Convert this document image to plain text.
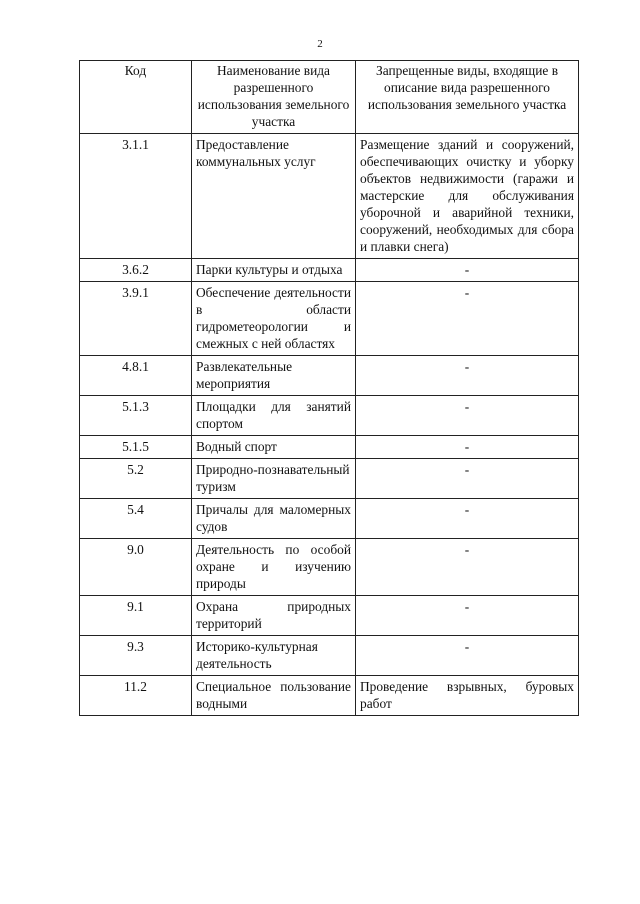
2
Код	Наименование вида разрешенного использования земельного участка	Запрещенные виды, входящие в описание вида разрешенного использования земельного участка
3.1.1	Предоставление коммунальных услуг	Размещение зданий и сооружений, обеспечивающих очистку и уборку объектов недвижимости (гаражи и мастерские для обслуживания уборочной и аварийной техники, сооружений, необходимых для сбора и плавки снега)
3.6.2	Парки культуры и отдыха	-
3.9.1	Обеспечение деятельности в области гидрометеорологии и смежных с ней областях	-
4.8.1	Развлекательные мероприятия	-
5.1.3	Площадки для занятий спортом	-
5.1.5	Водный спорт	-
5.2	Природно-познавательный туризм	-
5.4	Причалы для маломерных судов	-
9.0	Деятельность по особой охране и изучению природы	-
9.1	Охрана природных территорий	-
9.3	Историко-культурная деятельность	-
11.2	Специальное пользование водными	Проведение взрывных, буровых работ
